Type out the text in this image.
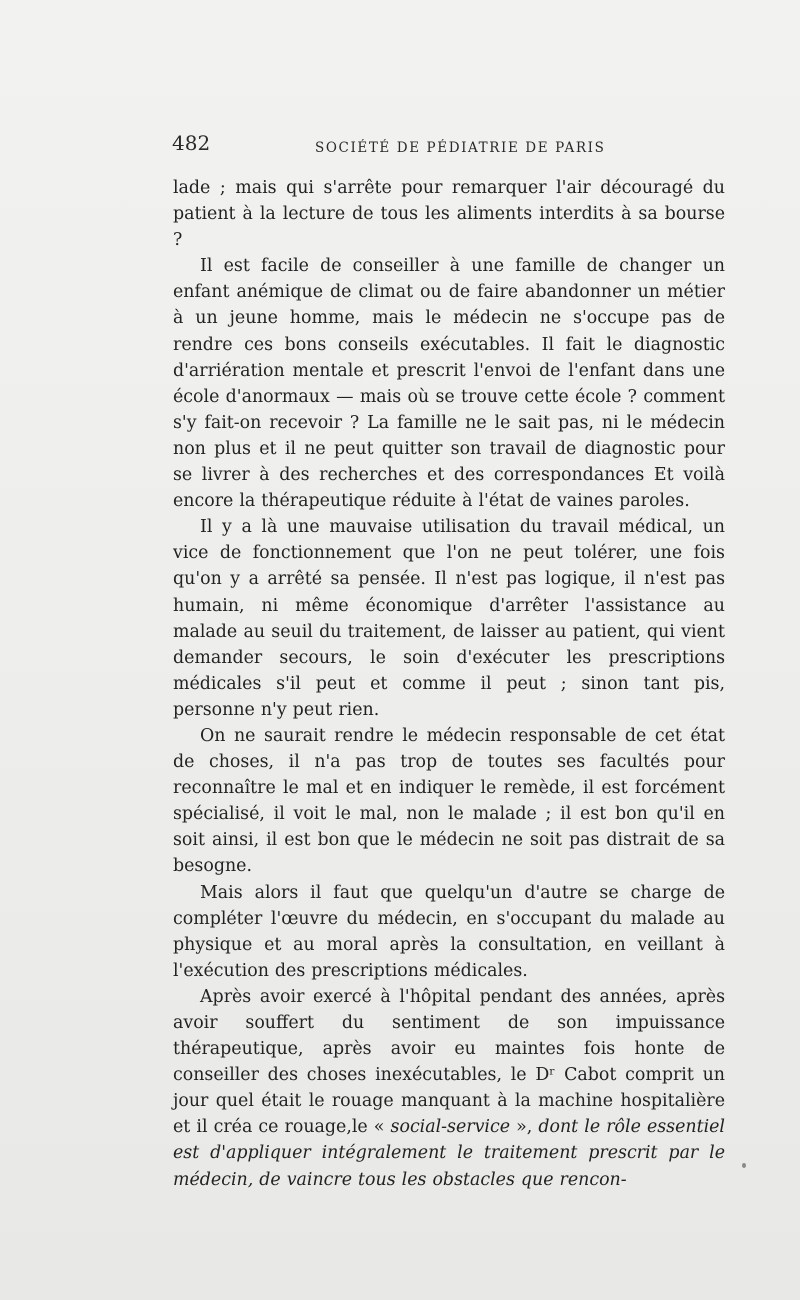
482	SOCIÉTÉ DE PÉDIATRIE DE PARIS

lade ; mais qui s'arrête pour remarquer l'air découragé du patient à la lecture de tous les aliments interdits à sa bourse ?

Il est facile de conseiller à une famille de changer un enfant anémique de climat ou de faire abandonner un métier à un jeune homme, mais le médecin ne s'occupe pas de rendre ces bons conseils exécutables. Il fait le diagnostic d'arriération mentale et prescrit l'envoi de l'enfant dans une école d'anormaux — mais où se trouve cette école ? comment s'y fait-on recevoir ? La famille ne le sait pas, ni le médecin non plus et il ne peut quitter son travail de diagnostic pour se livrer à des recherches et des correspondances Et voilà encore la thérapeutique réduite à l'état de vaines paroles.

Il y a là une mauvaise utilisation du travail médical, un vice de fonctionnement que l'on ne peut tolérer, une fois qu'on y a arrêté sa pensée. Il n'est pas logique, il n'est pas humain, ni même économique d'arrêter l'assistance au malade au seuil du traitement, de laisser au patient, qui vient demander secours, le soin d'exécuter les prescriptions médicales s'il peut et comme il peut ; sinon tant pis, personne n'y peut rien.

On ne saurait rendre le médecin responsable de cet état de choses, il n'a pas trop de toutes ses facultés pour reconnaître le mal et en indiquer le remède, il est forcément spécialisé, il voit le mal, non le malade ; il est bon qu'il en soit ainsi, il est bon que le médecin ne soit pas distrait de sa besogne.

Mais alors il faut que quelqu'un d'autre se charge de compléter l'œuvre du médecin, en s'occupant du malade au physique et au moral après la consultation, en veillant à l'exécution des prescriptions médicales.

Après avoir exercé à l'hôpital pendant des années, après avoir souffert du sentiment de son impuissance thérapeutique, après avoir eu maintes fois honte de conseiller des choses inexécutables, le Dʳ Cabot comprit un jour quel était le rouage manquant à la machine hospitalière et il créa ce rouage,le « social-service », dont le rôle essentiel est d'appliquer intégralement le traitement prescrit par le médecin, de vaincre tous les obstacles que rencon-
